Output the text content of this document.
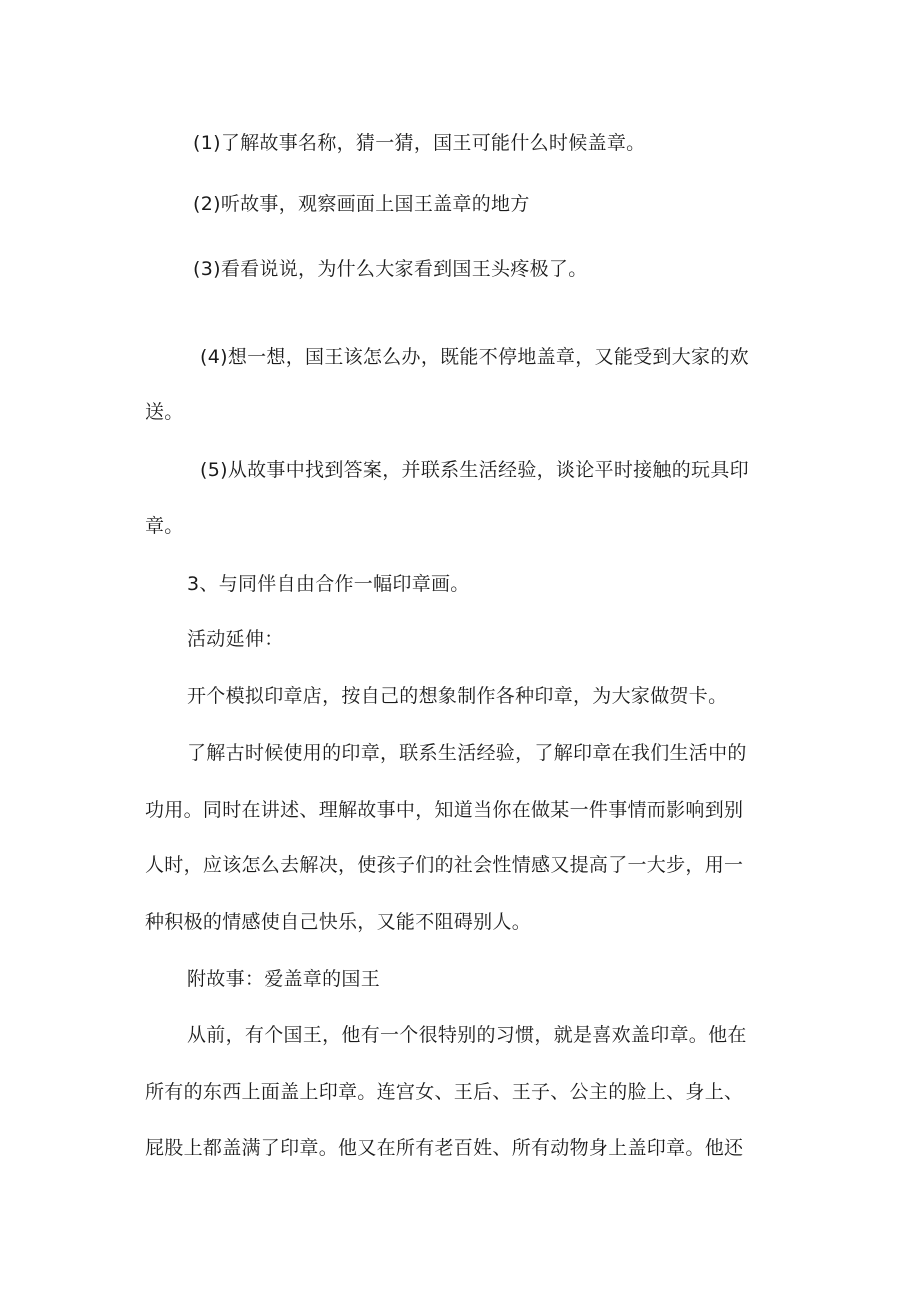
(1)了解故事名称，猜一猜，国王可能什么时候盖章。

(2)听故事，观察画面上国王盖章的地方

(3)看看说说，为什么大家看到国王头疼极了。

(4)想一想，国王该怎么办，既能不停地盖章，又能受到大家的欢

送。

(5)从故事中找到答案，并联系生活经验，谈论平时接触的玩具印

章。

3、与同伴自由合作一幅印章画。

活动延伸：

开个模拟印章店，按自己的想象制作各种印章，为大家做贺卡。

了解古时候使用的印章，联系生活经验，了解印章在我们生活中的

功用。同时在讲述、理解故事中，知道当你在做某一件事情而影响到别

人时，应该怎么去解决，使孩子们的社会性情感又提高了一大步，用一

种积极的情感使自己快乐，又能不阻碍别人。

附故事：爱盖章的国王

从前，有个国王，他有一个很特别的习惯，就是喜欢盖印章。他在

所有的东西上面盖上印章。连宫女、王后、王子、公主的脸上、身上、

屁股上都盖满了印章。他又在所有老百姓、所有动物身上盖印章。他还
